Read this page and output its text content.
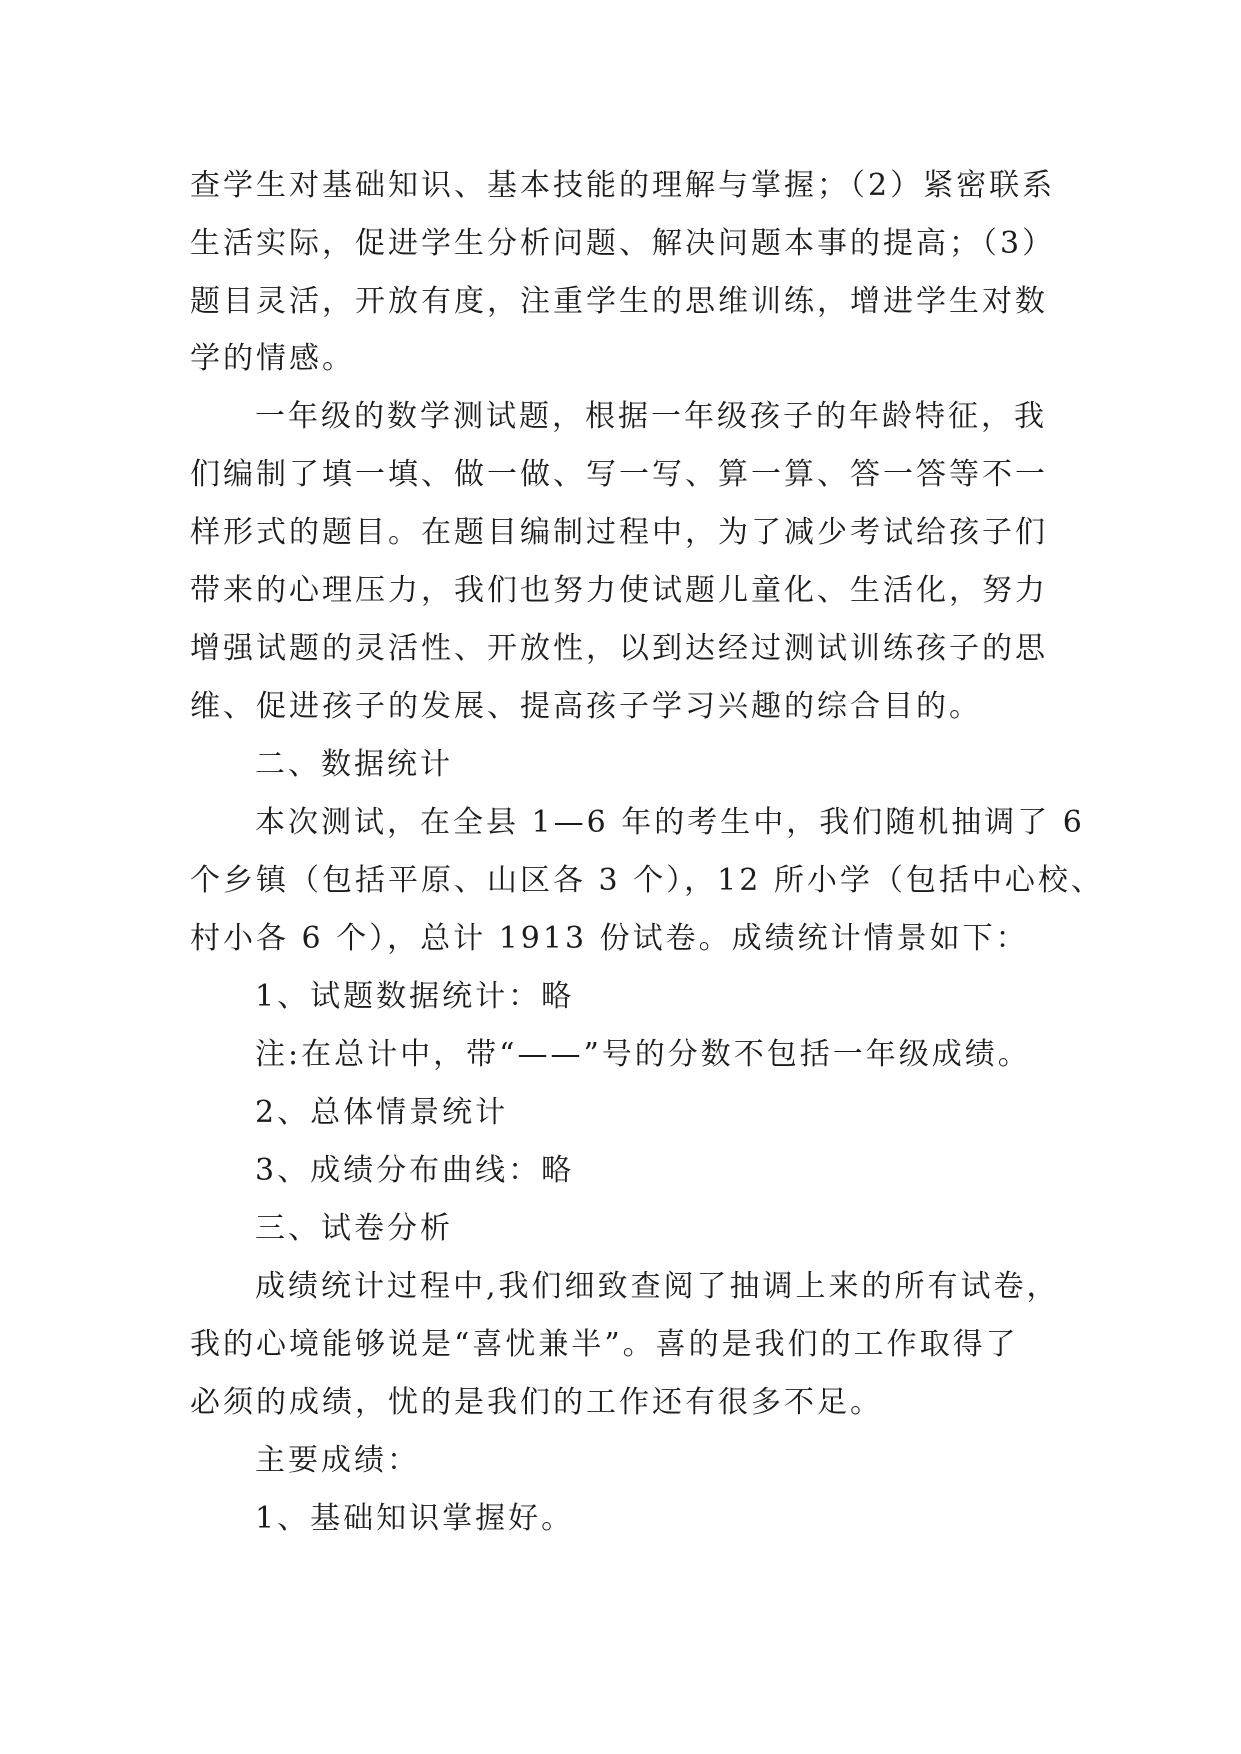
查学生对基础知识、基本技能的理解与掌握；（2）紧密联系
生活实际，促进学生分析问题、解决问题本事的提高；（3）
题目灵活，开放有度，注重学生的思维训练，增进学生对数
学的情感。
一年级的数学测试题，根据一年级孩子的年龄特征，我
们编制了填一填、做一做、写一写、算一算、答一答等不一
样形式的题目。在题目编制过程中，为了减少考试给孩子们
带来的心理压力，我们也努力使试题儿童化、生活化，努力
增强试题的灵活性、开放性，以到达经过测试训练孩子的思
维、促进孩子的发展、提高孩子学习兴趣的综合目的。
二、数据统计
本次测试，在全县 1—6 年的考生中，我们随机抽调了 6
个乡镇（包括平原、山区各 3 个），12 所小学（包括中心校、
村小各 6 个），总计 1913 份试卷。成绩统计情景如下：
1、试题数据统计：略
注:在总计中，带“——”号的分数不包括一年级成绩。
2、总体情景统计
3、成绩分布曲线：略
三、试卷分析
成绩统计过程中,我们细致查阅了抽调上来的所有试卷，
我的心境能够说是“喜忧兼半”。喜的是我们的工作取得了
必须的成绩，忧的是我们的工作还有很多不足。
主要成绩：
1、基础知识掌握好。
